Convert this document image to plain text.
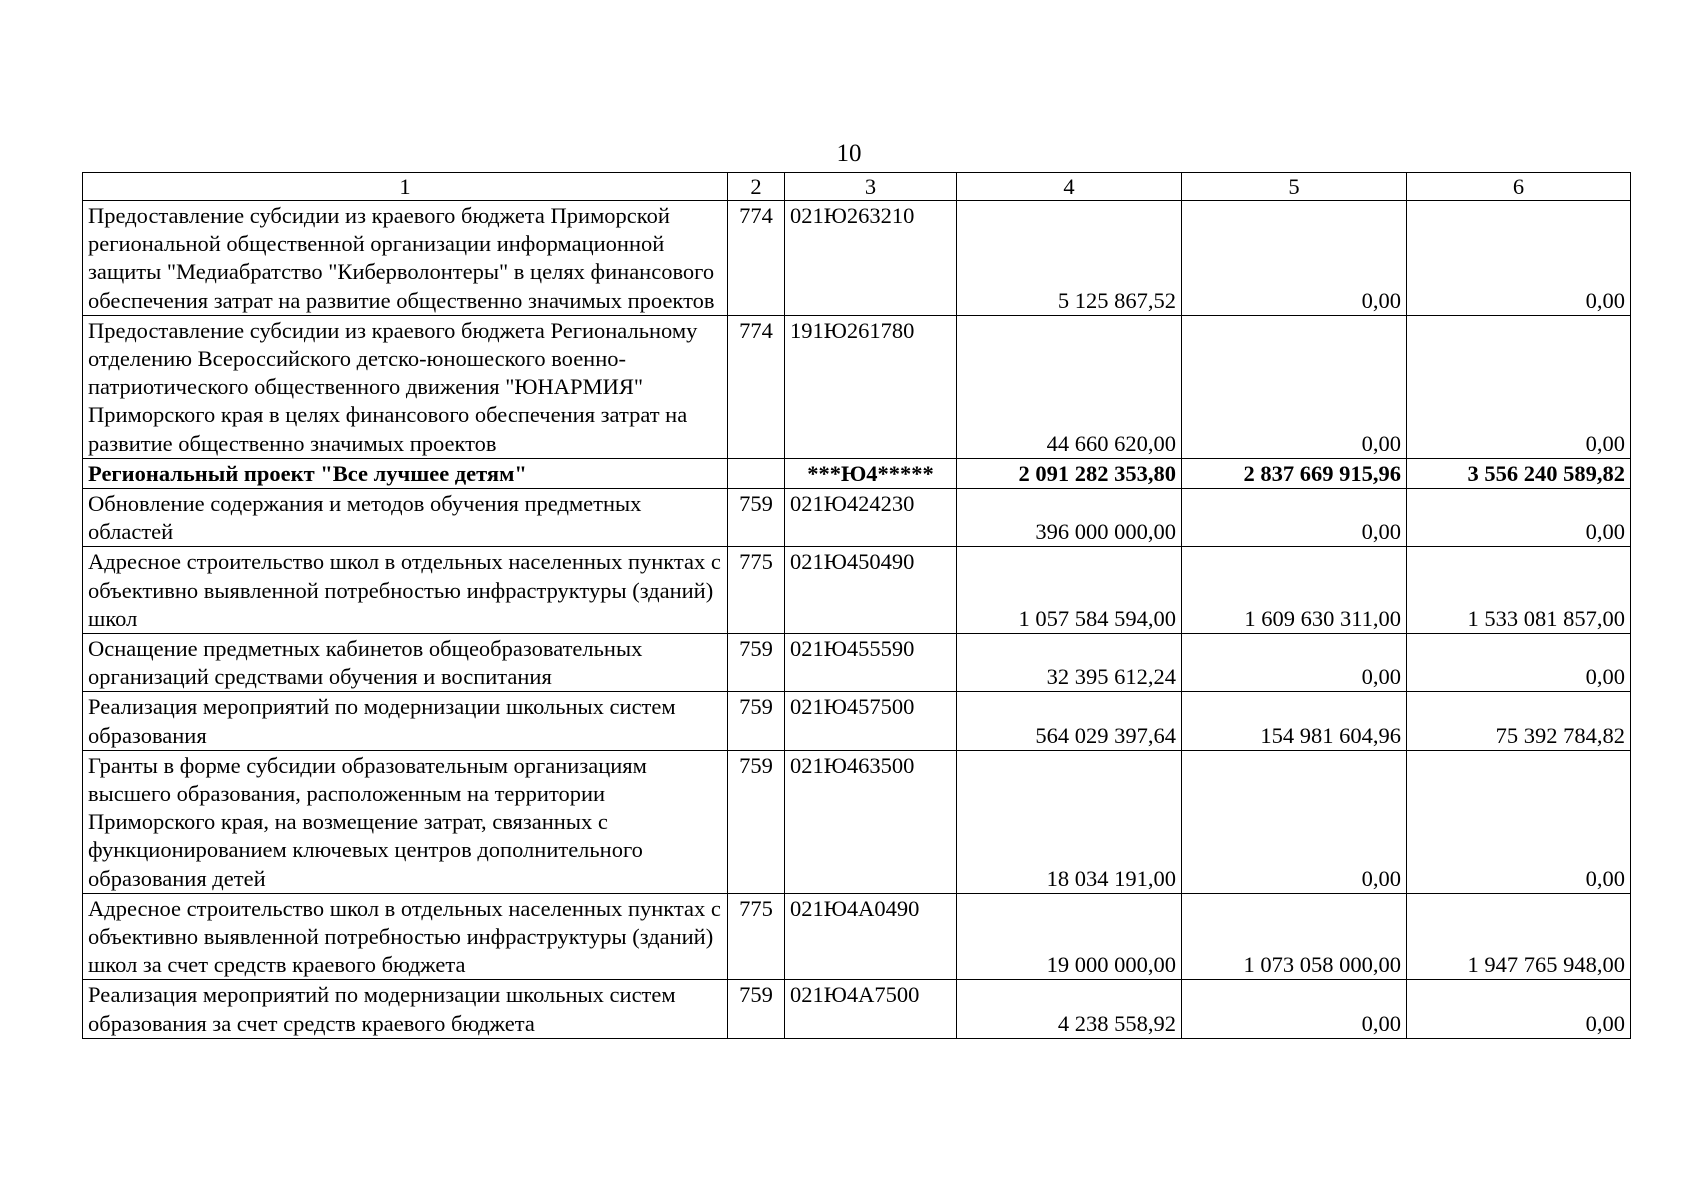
10
1	2	3	4	5	6
Предоставление субсидии из краевого бюджета Приморской региональной общественной организации информационной защиты "Медиабратство "Киберволонтеры" в целях финансового обеспечения затрат на развитие общественно значимых проектов	774	021Ю263210	5 125 867,52	0,00	0,00
Предоставление субсидии из краевого бюджета Региональному отделению Всероссийского детско-юношеского военно-патриотического общественного движения "ЮНАРМИЯ" Приморского края в целях финансового обеспечения затрат на развитие общественно значимых проектов	774	191Ю261780	44 660 620,00	0,00	0,00
Региональный проект "Все лучшее детям"		***Ю4*****	2 091 282 353,80	2 837 669 915,96	3 556 240 589,82
Обновление содержания и методов обучения предметных областей	759	021Ю424230	396 000 000,00	0,00	0,00
Адресное строительство школ в отдельных населенных пунктах с объективно выявленной потребностью инфраструктуры (зданий) школ	775	021Ю450490	1 057 584 594,00	1 609 630 311,00	1 533 081 857,00
Оснащение предметных кабинетов общеобразовательных организаций средствами обучения и воспитания	759	021Ю455590	32 395 612,24	0,00	0,00
Реализация мероприятий по модернизации школьных систем образования	759	021Ю457500	564 029 397,64	154 981 604,96	75 392 784,82
Гранты в форме субсидии образовательным организациям высшего образования, расположенным на территории Приморского края, на возмещение затрат, связанных с функционированием ключевых центров дополнительного образования детей	759	021Ю463500	18 034 191,00	0,00	0,00
Адресное строительство школ в отдельных населенных пунктах с объективно выявленной потребностью инфраструктуры (зданий) школ за счет средств краевого бюджета	775	021Ю4А0490	19 000 000,00	1 073 058 000,00	1 947 765 948,00
Реализация мероприятий по модернизации школьных систем образования за счет средств краевого бюджета	759	021Ю4А7500	4 238 558,92	0,00	0,00
